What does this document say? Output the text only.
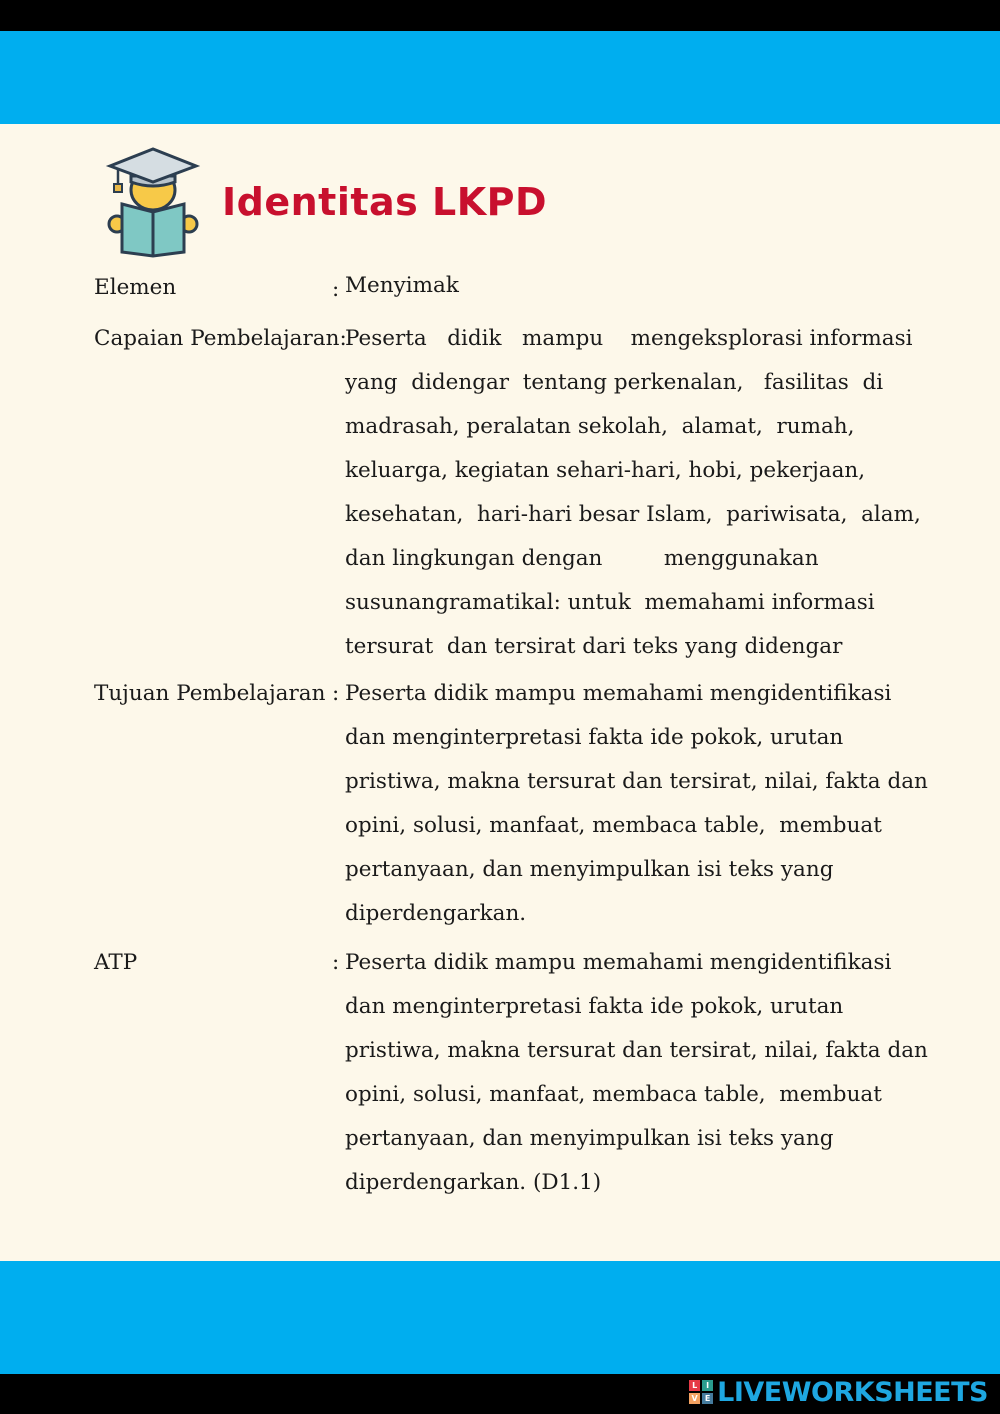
Identitas LKPD
Elemen	: Menyimak
Capaian Pembelajaran:
Peserta   didik   mampu    mengeksplorasi informasi
yang  didengar  tentang perkenalan,   fasilitas  di
madrasah, peralatan sekolah,  alamat,  rumah,
keluarga, kegiatan sehari-hari, hobi, pekerjaan,
kesehatan,  hari-hari besar Islam,  pariwisata,  alam,
dan lingkungan dengan         menggunakan
susunangramatikal: untuk  memahami informasi
tersurat  dan tersirat dari teks yang didengar
Tujuan Pembelajaran : Peserta didik mampu memahami mengidentifikasi
dan menginterpretasi fakta ide pokok, urutan
pristiwa, makna tersurat dan tersirat, nilai, fakta dan
opini, solusi, manfaat, membaca table,  membuat
pertanyaan, dan menyimpulkan isi teks yang
diperdengarkan.
ATP	: Peserta didik mampu memahami mengidentifikasi
dan menginterpretasi fakta ide pokok, urutan
pristiwa, makna tersurat dan tersirat, nilai, fakta dan
opini, solusi, manfaat, membaca table,  membuat
pertanyaan, dan menyimpulkan isi teks yang
diperdengarkan. (D1.1)
L	I
V E LIVEWORKSHEETS
